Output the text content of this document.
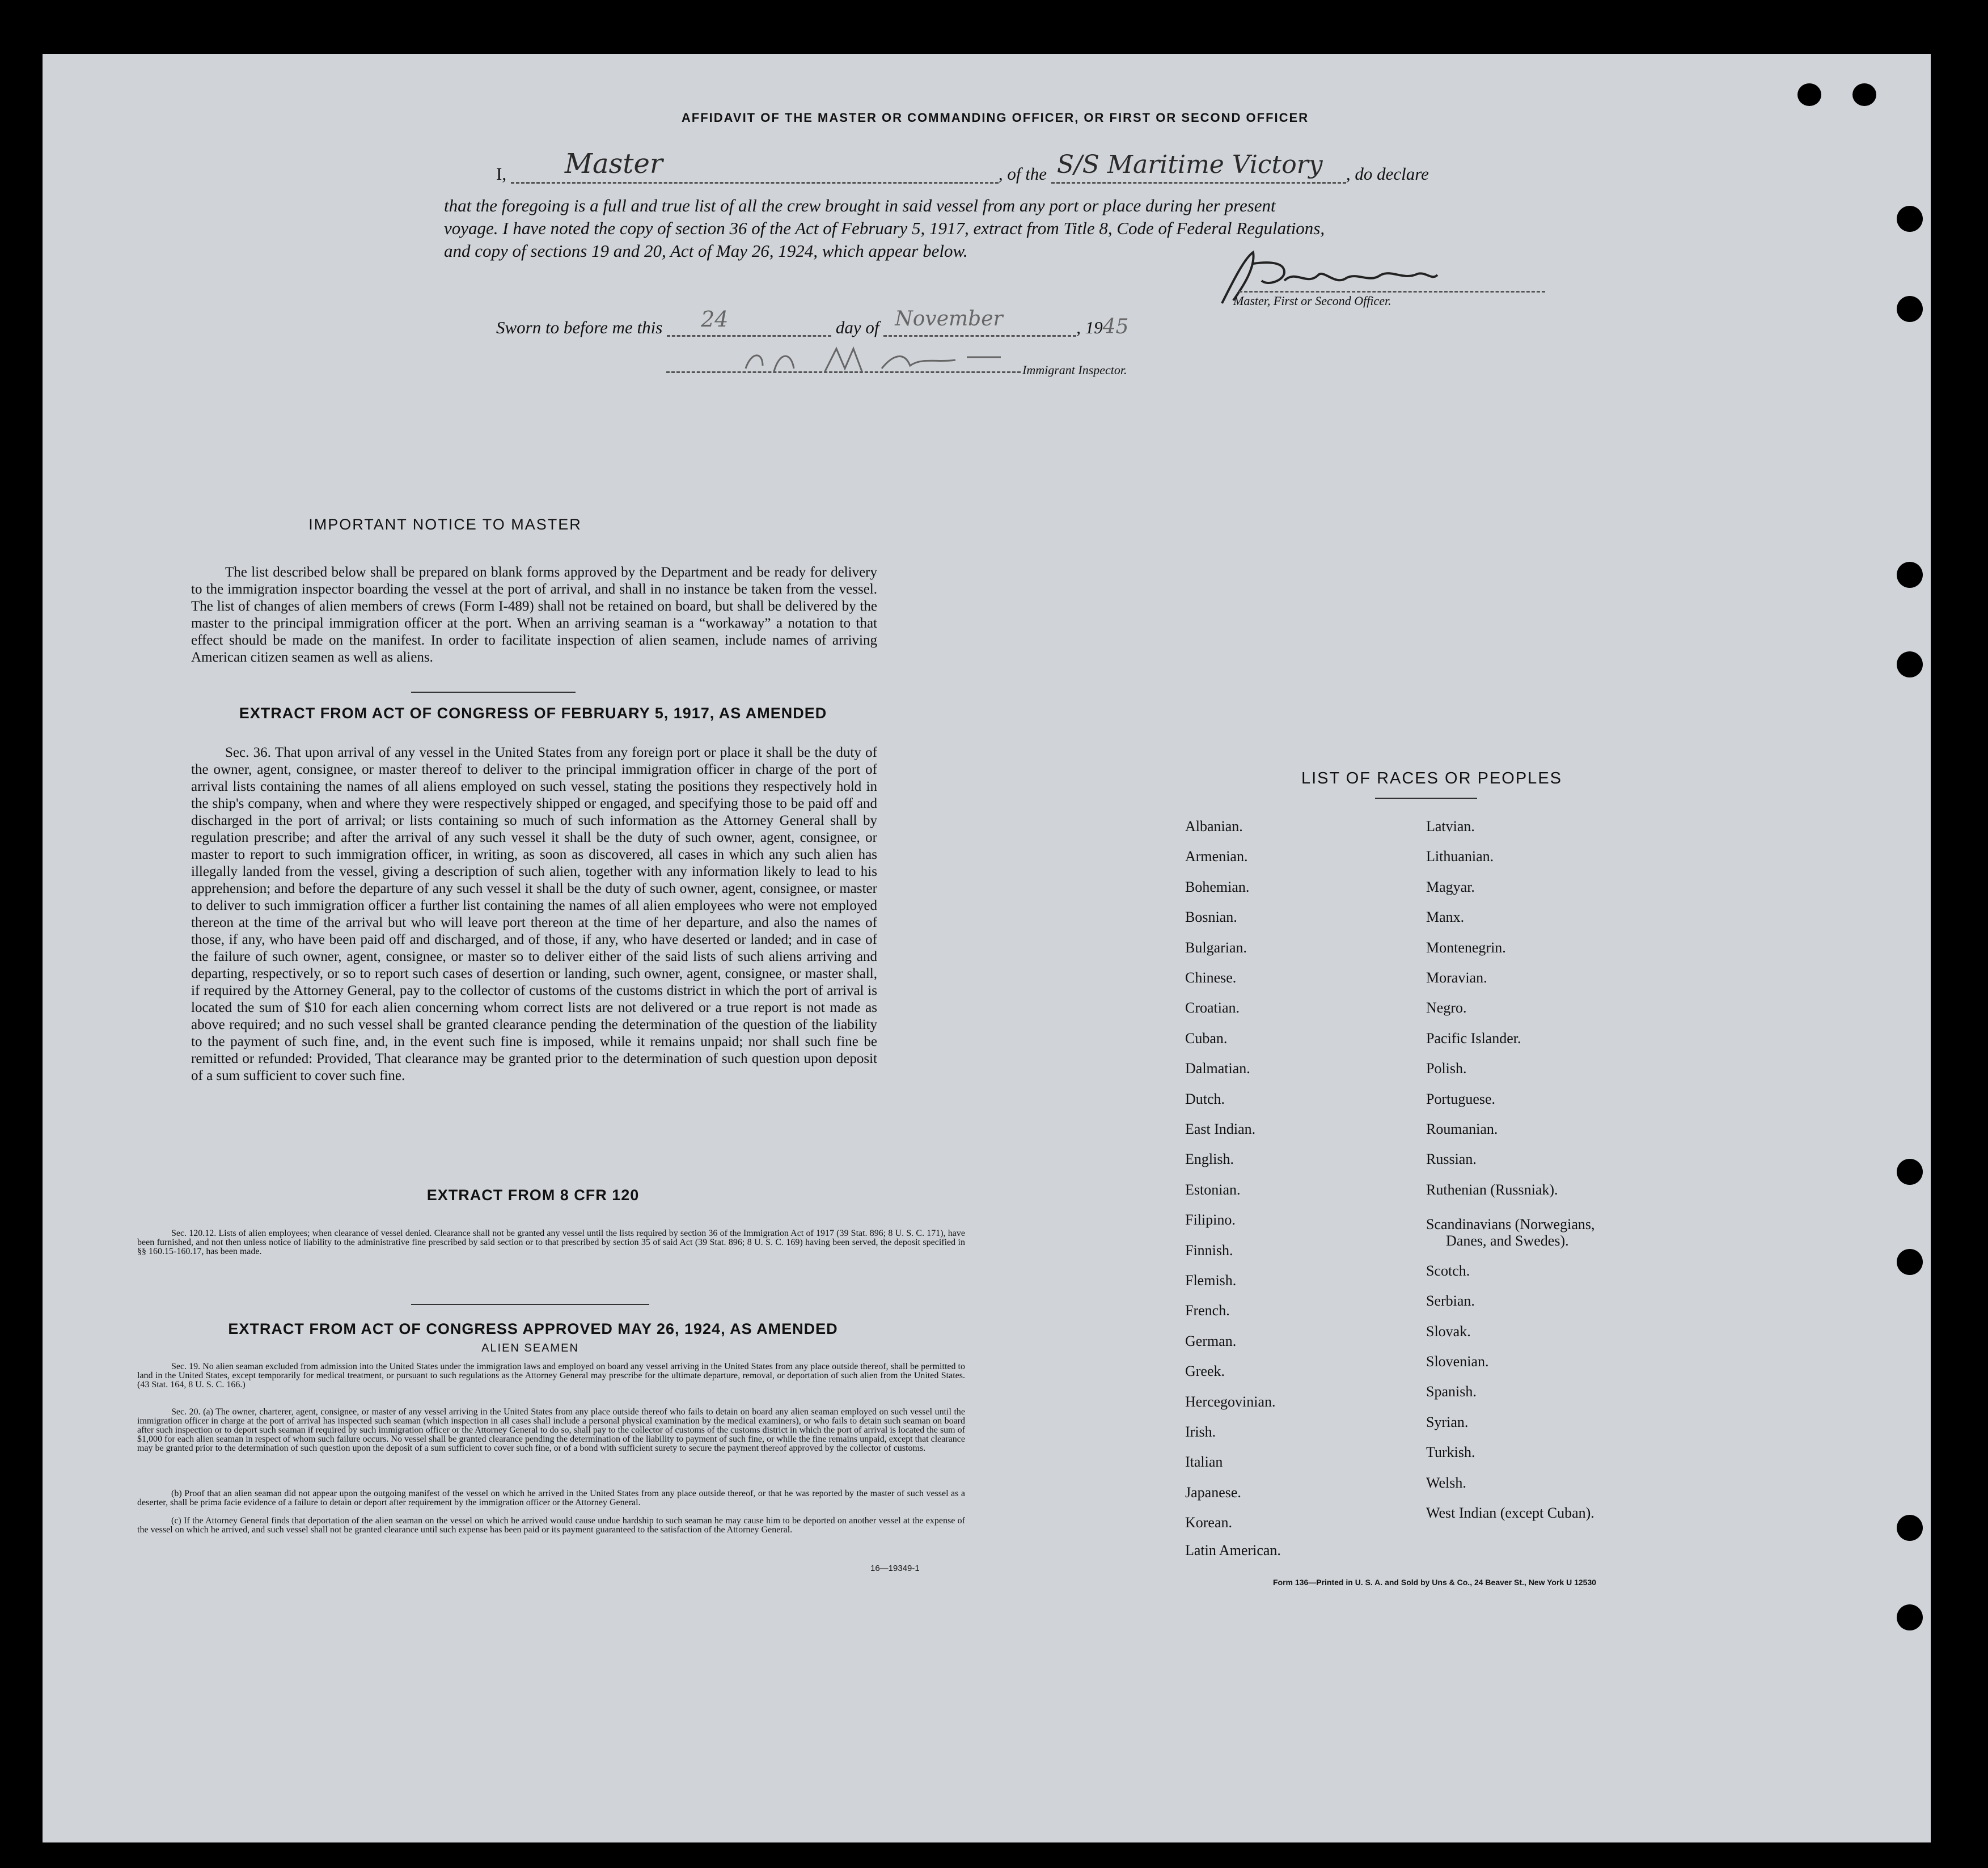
AFFIDAVIT OF THE MASTER OR COMMANDING OFFICER, OR FIRST OR SECOND OFFICER
I, Master	, of the S/S Maritime Victory , do declare
that the foregoing is a full and true list of all the crew brought in said vessel from any port or place during her present
voyage. I have noted the copy of section 36 of the Act of February 5, 1917, extract from Title 8, Code of Federal Regulations,
and copy of sections 19 and 20, Act of May 26, 1924, which appear below.
Master, First or Second Officer.
Sworn to before me this 24	day of November	, 1945
Immigrant Inspector.
IMPORTANT NOTICE TO MASTER
The list described below shall be prepared on blank forms approved by the Department and be ready for delivery to the immigration inspector boarding the vessel at the port of arrival, and shall in no instance be taken from the vessel. The list of changes of alien members of crews (Form I-489) shall not be retained on board, but shall be delivered by the master to the principal immigration officer at the port. When an arriving seaman is a “workaway” a notation to that effect should be made on the manifest. In order to facilitate inspection of alien seamen, include names of arriving American citizen seamen as well as aliens.
EXTRACT FROM ACT OF CONGRESS OF FEBRUARY 5, 1917, AS AMENDED
Sec. 36. That upon arrival of any vessel in the United States from any foreign port or place it shall be the duty of the owner, agent, consignee, or master thereof to deliver to the principal immigration officer in charge of the port of arrival lists containing the names of all aliens employed on such vessel, stating the positions they respectively hold in the ship's company, when and where they were respectively shipped or engaged, and specifying those to be paid off and discharged in the port of arrival; or lists containing so much of such information as the Attorney General shall by regulation prescribe; and after the arrival of any such vessel it shall be the duty of such owner, agent, consignee, or master to report to such immigration officer, in writing, as soon as discovered, all cases in which any such alien has illegally landed from the vessel, giving a description of such alien, together with any information likely to lead to his apprehension; and before the departure of any such vessel it shall be the duty of such owner, agent, consignee, or master to deliver to such immigration officer a further list containing the names of all alien employees who were not employed thereon at the time of the arrival but who will leave port thereon at the time of her departure, and also the names of those, if any, who have been paid off and discharged, and of those, if any, who have deserted or landed; and in case of the failure of such owner, agent, consignee, or master so to deliver either of the said lists of such aliens arriving and departing, respectively, or so to report such cases of desertion or landing, such owner, agent, consignee, or master shall, if required by the Attorney General, pay to the collector of customs of the customs district in which the port of arrival is located the sum of $10 for each alien concerning whom correct lists are not delivered or a true report is not made as above required; and no such vessel shall be granted clearance pending the determination of the question of the liability to the payment of such fine, and, in the event such fine is imposed, while it remains unpaid; nor shall such fine be remitted or refunded: Provided, That clearance may be granted prior to the determination of such question upon deposit of a sum sufficient to cover such fine.
EXTRACT FROM 8 CFR 120
Sec. 120.12. Lists of alien employees; when clearance of vessel denied. Clearance shall not be granted any vessel until the lists required by section 36 of the Immigration Act of 1917 (39 Stat. 896; 8 U. S. C. 171), have been furnished, and not then unless notice of liability to the administrative fine prescribed by said section or to that prescribed by section 35 of said Act (39 Stat. 896; 8 U. S. C. 169) having been served, the deposit specified in §§ 160.15-160.17, has been made.
EXTRACT FROM ACT OF CONGRESS APPROVED MAY 26, 1924, AS AMENDED
ALIEN SEAMEN
Sec. 19. No alien seaman excluded from admission into the United States under the immigration laws and employed on board any vessel arriving in the United States from any place outside thereof, shall be permitted to land in the United States, except temporarily for medical treatment, or pursuant to such regulations as the Attorney General may prescribe for the ultimate departure, removal, or deportation of such alien from the United States. (43 Stat. 164, 8 U. S. C. 166.)
Sec. 20. (a) The owner, charterer, agent, consignee, or master of any vessel arriving in the United States from any place outside thereof who fails to detain on board any alien seaman employed on such vessel until the immigration officer in charge at the port of arrival has inspected such seaman (which inspection in all cases shall include a personal physical examination by the medical examiners), or who fails to detain such seaman on board after such inspection or to deport such seaman if required by such immigration officer or the Attorney General to do so, shall pay to the collector of customs of the customs district in which the port of arrival is located the sum of $1,000 for each alien seaman in respect of whom such failure occurs. No vessel shall be granted clearance pending the determination of the liability to payment of such fine, or while the fine remains unpaid, except that clearance may be granted prior to the determination of such question upon the deposit of a sum sufficient to cover such fine, or of a bond with sufficient surety to secure the payment thereof approved by the collector of customs.
(b) Proof that an alien seaman did not appear upon the outgoing manifest of the vessel on which he arrived in the United States from any place outside thereof, or that he was reported by the master of such vessel as a deserter, shall be prima facie evidence of a failure to detain or deport after requirement by the immigration officer or the Attorney General.
(c) If the Attorney General finds that deportation of the alien seaman on the vessel on which he arrived would cause undue hardship to such seaman he may cause him to be deported on another vessel at the expense of the vessel on which he arrived, and such vessel shall not be granted clearance until such expense has been paid or its payment guaranteed to the satisfaction of the Attorney General.
16—19349-1
LIST OF RACES OR PEOPLES
Form 136—Printed in U. S. A. and Sold by Uns & Co., 24 Beaver St., New York U 12530
Albanian.
Armenian.
Bohemian.
Bosnian.
Bulgarian.
Chinese.
Croatian.
Cuban.
Dalmatian.
Dutch.
East Indian.
English.
Estonian.
Filipino.
Finnish.
Flemish.
French.
German.
Greek.
Hercegovinian.
Irish.
Italian
Japanese.
Korean.
Latin American.
Latvian.
Lithuanian.
Magyar.
Manx.
Montenegrin.
Moravian.
Negro.
Pacific Islander.
Polish.
Portuguese.
Roumanian.
Russian.
Ruthenian (Russniak).
Scandinavians (Norwegians,
Danes, and Swedes).
Scotch.
Serbian.
Slovak.
Slovenian.
Spanish.
Syrian.
Turkish.
Welsh.
West Indian (except Cuban).
